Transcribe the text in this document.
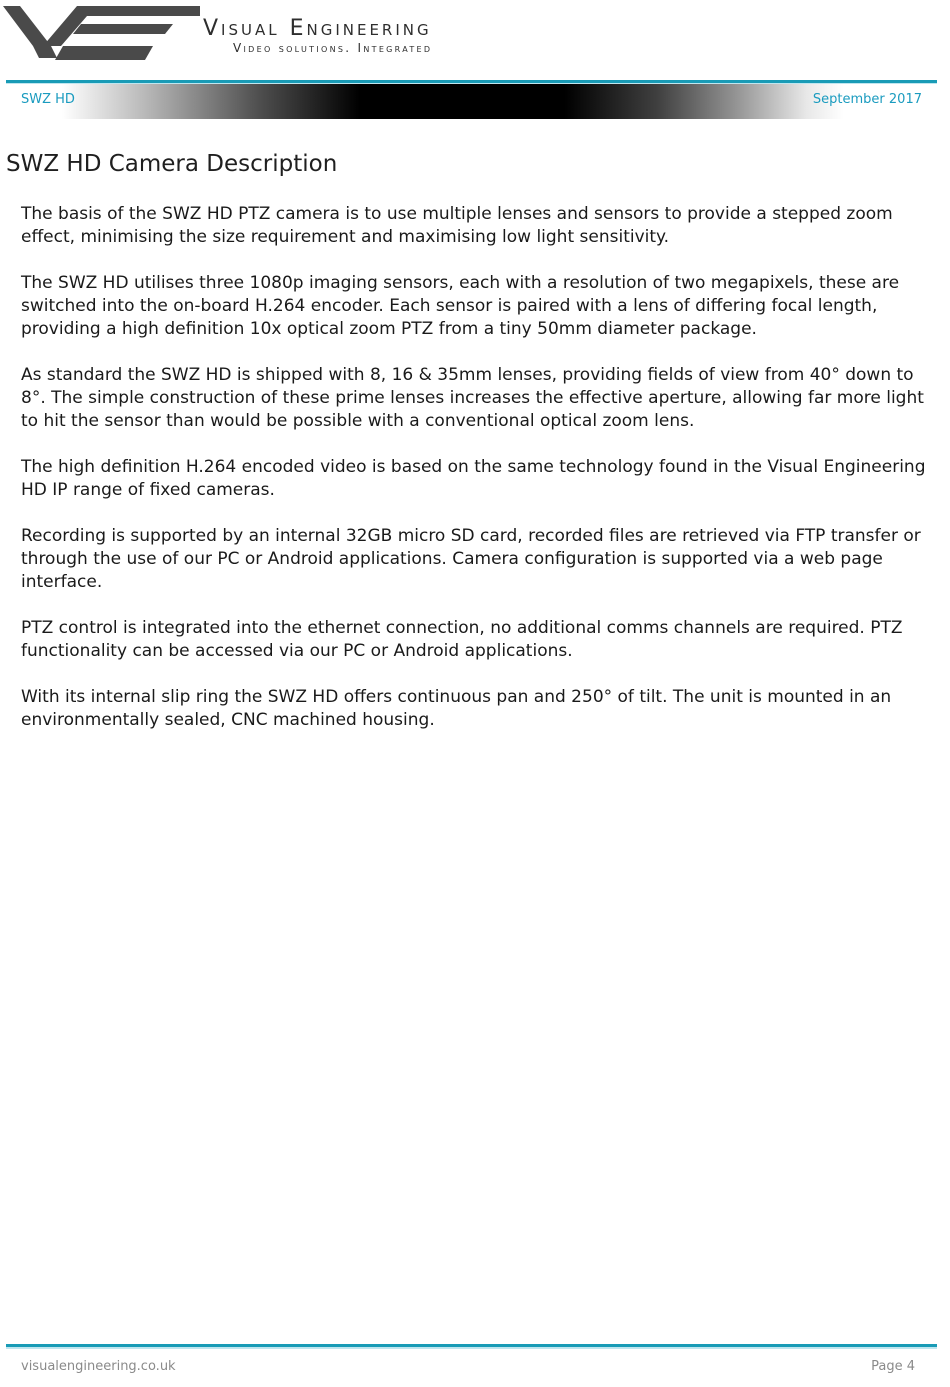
Visual Engineering
Video solutions. Integrated
SWZ HD	September 2017
SWZ HD Camera Description

The basis of the SWZ HD PTZ camera is to use multiple lenses and sensors to provide a stepped zoom effect, minimising the size requirement and maximising low light sensitivity.

The SWZ HD utilises three 1080p imaging sensors, each with a resolution of two megapixels, these are switched into the on-board H.264 encoder. Each sensor is paired with a lens of differing focal length, providing a high definition 10x optical zoom PTZ from a tiny 50mm diameter package.

As standard the SWZ HD is shipped with 8, 16 & 35mm lenses, providing fields of view from 40° down to 8°. The simple construction of these prime lenses increases the effective aperture, allowing far more light to hit the sensor than would be possible with a conventional optical zoom lens.

The high definition H.264 encoded video is based on the same technology found in the Visual Engineering HD IP range of fixed cameras.

Recording is supported by an internal 32GB micro SD card, recorded files are retrieved via FTP transfer or through the use of our PC or Android applications. Camera configuration is supported via a web page interface.

PTZ control is integrated into the ethernet connection, no additional comms channels are required. PTZ functionality can be accessed via our PC or Android applications.

With its internal slip ring the SWZ HD offers continuous pan and 250° of tilt. The unit is mounted in an environmentally sealed, CNC machined housing.

visualengineering.co.uk	Page 4
